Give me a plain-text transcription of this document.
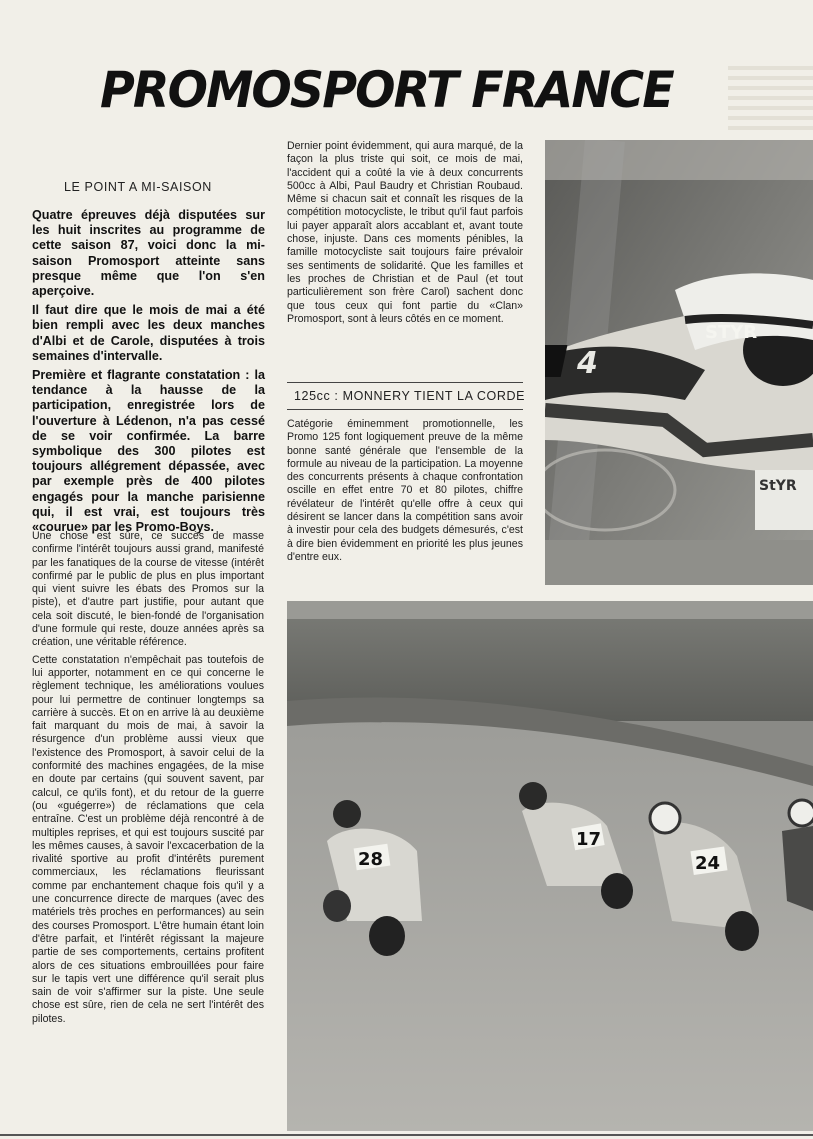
PROMOSPORT FRANCE
LE POINT A MI-SAISON

Quatre épreuves déjà disputées sur les huit inscrites au programme de cette saison 87, voici donc la mi-saison Promosport atteinte sans presque même que l'on s'en aperçoive.

Il faut dire que le mois de mai a été bien rempli avec les deux manches d'Albi et de Carole, disputées à trois semaines d'intervalle.

Première et flagrante constatation : la tendance à la hausse de la participation, enregistrée lors de l'ouverture à Lédenon, n'a pas cessé de se voir confirmée. La barre symbolique des 300 pilotes est toujours allégrement dépassée, avec par exemple près de 400 pilotes engagés pour la manche parisienne qui, il est vrai, est toujours très «courue» par les Promo-Boys.

Une chose est sûre, ce succès de masse confirme l'intérêt toujours aussi grand, manifesté par les fanatiques de la course de vitesse (intérêt confirmé par le public de plus en plus important qui vient suivre les ébats des Promos sur la piste), et d'autre part justifie, pour autant que cela soit discuté, le bien-fondé de l'organisation d'une formule qui reste, douze années après sa création, une véritable référence.

Cette constatation n'empêchait pas toutefois de lui apporter, notamment en ce qui concerne le règlement technique, les améliorations voulues pour lui permettre de continuer longtemps sa carrière à succès. Et on en arrive là au deuxième fait marquant du mois de mai, à savoir la résurgence d'un problème aussi vieux que l'existence des Promosport, à savoir celui de la conformité des machines engagées, de la mise en doute par certains (qui souvent savent, par calcul, ce qu'ils font), et du retour de la guerre (ou «guégerre») de réclamations que cela entraîne. C'est un problème déjà rencontré à de multiples reprises, et qui est toujours suscité par les mêmes causes, à savoir l'excacerbation de la rivalité sportive au profit d'intérêts purement commerciaux, les réclamations fleurissant comme par enchantement chaque fois qu'il y a une concurrence directe de marques (avec des matériels très proches en performances) au sein des courses Promosport. L'être humain étant loin d'être parfait, et l'intérêt régissant la majeure partie de ses comportements, certains profitent alors de ces situations embrouillées pour faire sur le tapis vert une différence qu'il serait plus sain de voir s'affirmer sur la piste. Une seule chose est sûre, rien de cela ne sert l'intérêt des pilotes.

Dernier point évidemment, qui aura marqué, de la façon la plus triste qui soit, ce mois de mai, l'accident qui a coûté la vie à deux concurrents 500cc à Albi, Paul Baudry et Christian Roubaud. Même si chacun sait et connaît les risques de la compétition motocycliste, le tribut qu'il faut parfois lui payer apparaît alors accablant et, avant toute chose, injuste. Dans ces moments pénibles, la famille motocycliste sait toujours faire prévaloir ses sentiments de solidarité. Que les familles et les proches de Christian et de Paul (et tout particulièrement son frère Carol) sachent donc que tous ceux qui font partie du «Clan» Promosport, sont à leurs côtés en ce moment.

125cc : MONNERY TIENT LA CORDE

Catégorie éminemment promotionnelle, les Promo 125 font logiquement preuve de la même bonne santé générale que l'ensemble de la formule au niveau de la participation. La moyenne des concurrents présents à chaque confrontation oscille en effet entre 70 et 80 pilotes, chiffre révélateur de l'intérêt qu'elle offre à ceux qui désirent se lancer dans la compétition sans avoir à investir pour cela des budgets démesurés, c'est à dire bien évidemment en priorité les plus jeunes d'entre eux.

STYR
4
StYR
28
17
24
